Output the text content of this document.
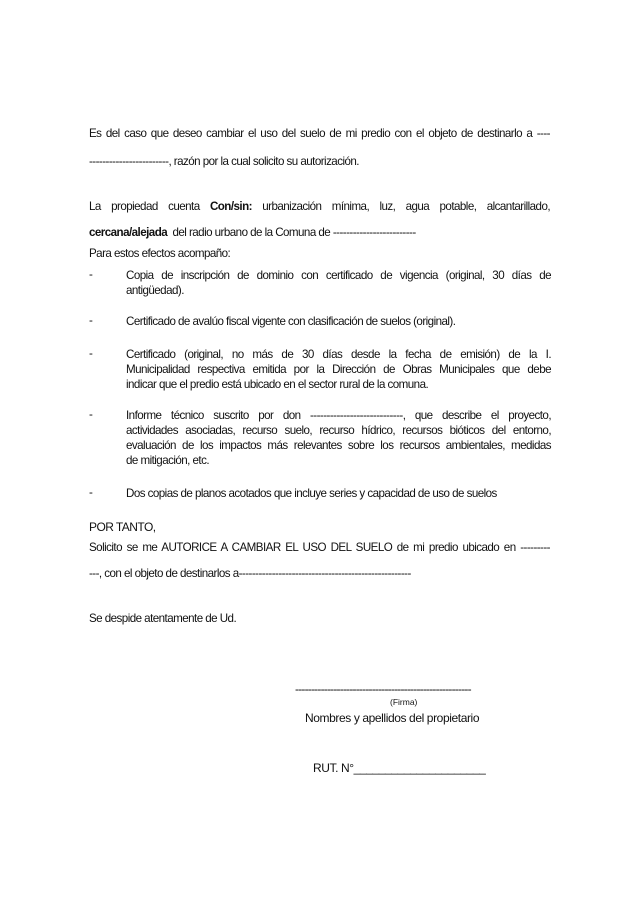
Es del caso que deseo cambiar el uso del suelo de mi predio con el objeto de destinarlo a ----
------------------------, razón por la cual solicito su autorización.
La propiedad cuenta Con/sin: urbanización mínima, luz, agua potable, alcantarillado,
cercana/alejada del radio urbano de la Comuna de -------------------------
Para estos efectos acompaño:
-	Copia de inscripción de dominio con certificado de vigencia (original, 30 días de
antigüedad).
-	Certificado de avalúo fiscal vigente con clasificación de suelos (original).
-	Certificado (original, no más de 30 días desde la fecha de emisión) de la I.
Municipalidad respectiva emitida por la Dirección de Obras Municipales que debe
indicar que el predio está ubicado en el sector rural de la comuna.
-	Informe técnico suscrito por don ----------------------------, que describe el proyecto,
actividades asociadas, recurso suelo, recurso hídrico, recursos bióticos del entorno,
evaluación de los impactos más relevantes sobre los recursos ambientales, medidas
de mitigación, etc.
-	Dos copias de planos acotados que incluye series y capacidad de uso de suelos
POR TANTO,
Solicito se me AUTORICE A CAMBIAR EL USO DEL SUELO de mi predio ubicado en ---------
---, con el objeto de destinarlos a----------------------------------------------------
Se despide atentamente de Ud.
-------------------------------------------------------
(Firma)
Nombres y apellidos del propietario
RUT. N°_____________________
